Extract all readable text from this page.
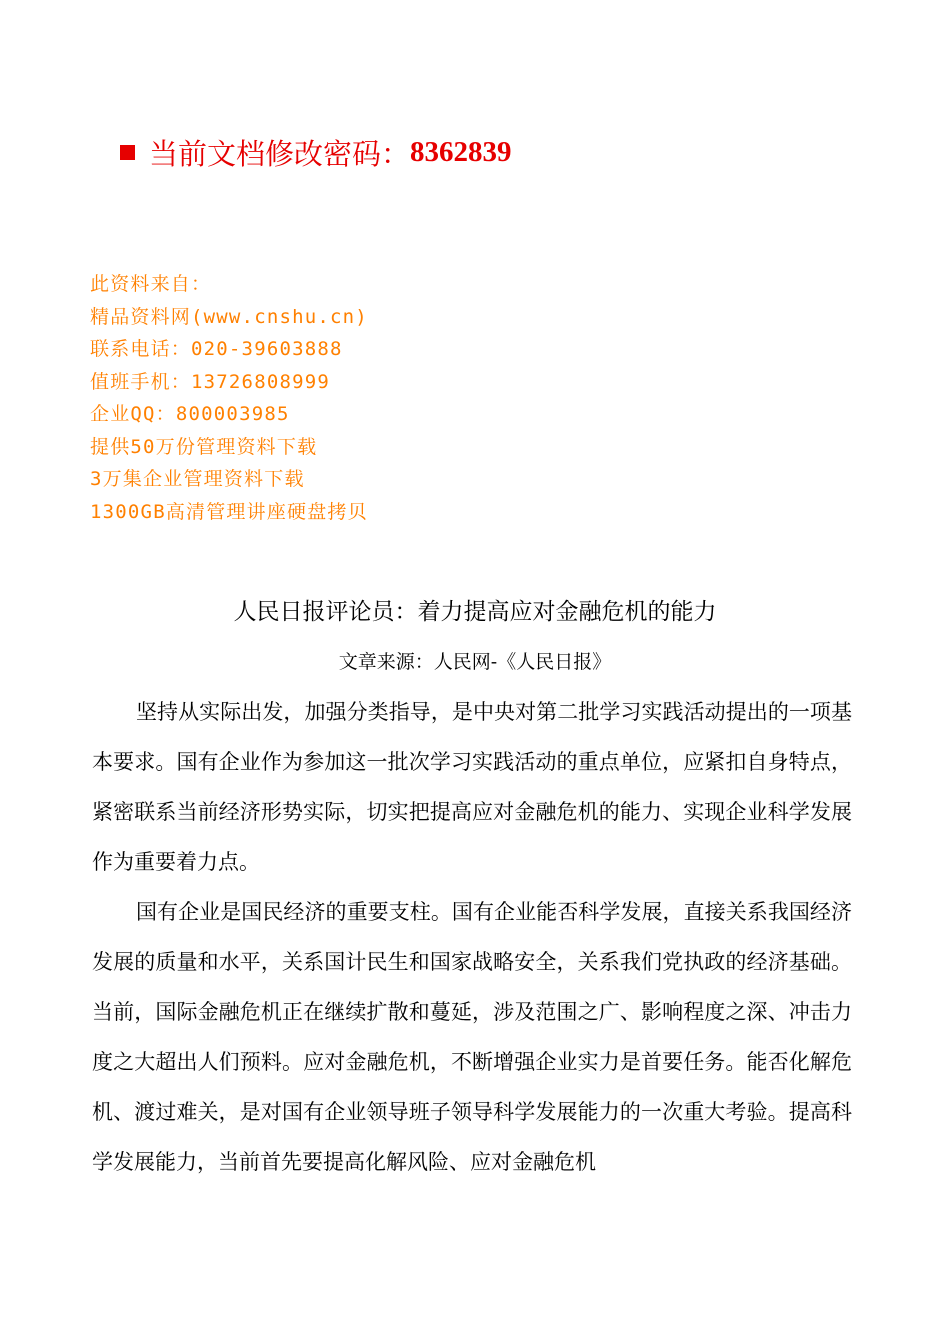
当前文档修改密码： 8362839
此资料来自：
精品资料网(www.cnshu.cn)
联系电话：020-39603888
值班手机：13726808999
企业QQ：800003985
提供50万份管理资料下载
3万集企业管理资料下载
1300GB高清管理讲座硬盘拷贝
人民日报评论员：着力提高应对金融危机的能力
文章来源：人民网-《人民日报》

坚持从实际出发，加强分类指导，是中央对第二批学习实践活动提出的一项基本要求。国有企业作为参加这一批次学习实践活动的重点单位，应紧扣自身特点，紧密联系当前经济形势实际，切实把提高应对金融危机的能力、实现企业科学发展作为重要着力点。

国有企业是国民经济的重要支柱。国有企业能否科学发展，直接关系我国经济发展的质量和水平，关系国计民生和国家战略安全，关系我们党执政的经济基础。当前，国际金融危机正在继续扩散和蔓延，涉及范围之广、影响程度之深、冲击力度之大超出人们预料。应对金融危机，不断增强企业实力是首要任务。能否化解危机、渡过难关，是对国有企业领导班子领导科学发展能力的一次重大考验。提高科学发展能力，当前首先要提高化解风险、应对金融危机
